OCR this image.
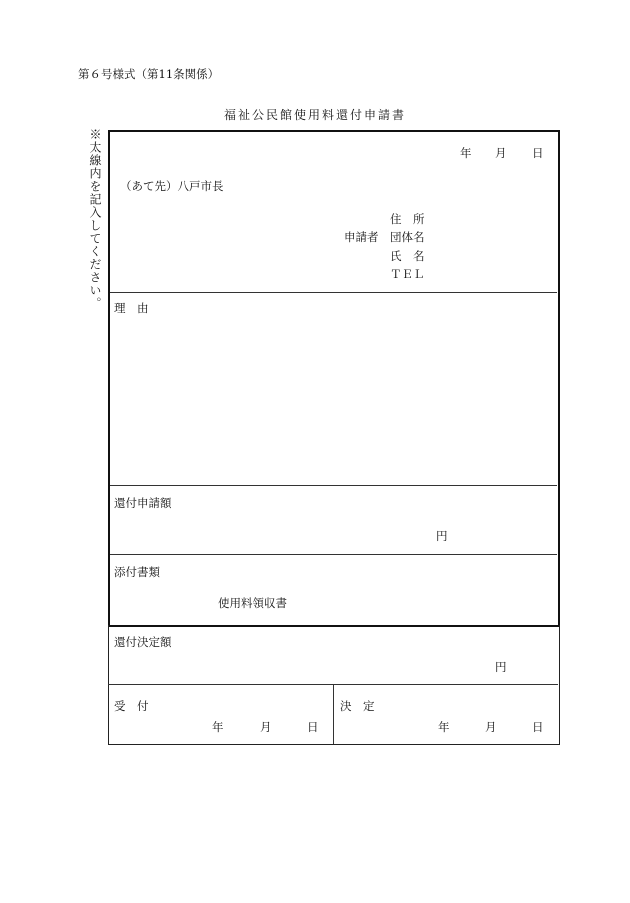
第６号様式（第11条関係）
福祉公民館使用料還付申請書
※太線内を記入してください。	年 月 日
（あて先）八戸市長
住　所
申請者 団体名
氏　名
ＴＥＬ
理　由
還付申請額
円
添付書類
使用料領収書
還付決定額
円
受　付
年	月	日
決　定
年	月	日
